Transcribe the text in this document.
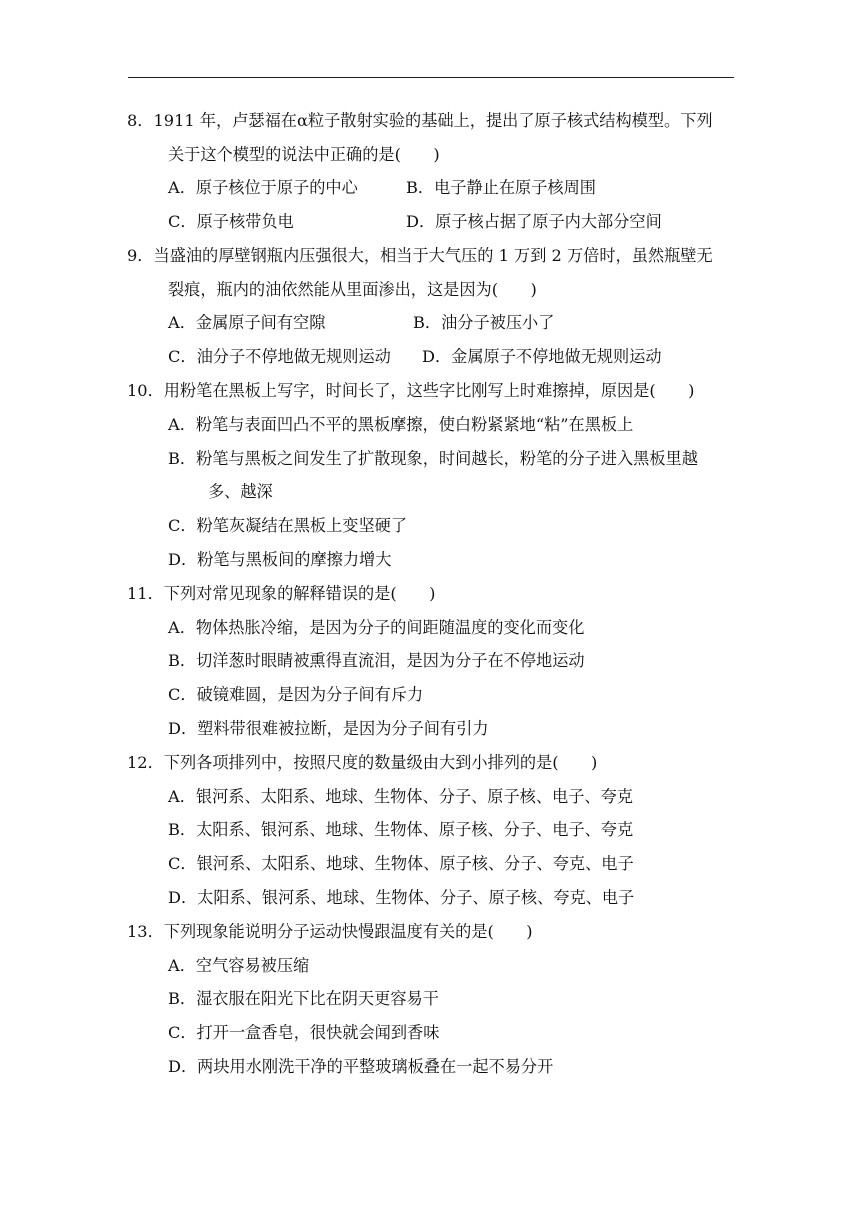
8．1911 年，卢瑟福在α粒子散射实验的基础上，提出了原子核式结构模型。下列
关于这个模型的说法中正确的是(　　)
A．原子核位于原子的中心	B．电子静止在原子核周围
C．原子核带负电	D．原子核占据了原子内大部分空间
9．当盛油的厚壁钢瓶内压强很大，相当于大气压的 1 万到 2 万倍时，虽然瓶壁无
裂痕，瓶内的油依然能从里面渗出，这是因为(　　)
A．金属原子间有空隙	B．油分子被压小了
C．油分子不停地做无规则运动 D．金属原子不停地做无规则运动
10．用粉笔在黑板上写字，时间长了，这些字比刚写上时难擦掉，原因是(　　)
A．粉笔与表面凹凸不平的黑板摩擦，使白粉紧紧地“粘”在黑板上
B．粉笔与黑板之间发生了扩散现象，时间越长，粉笔的分子进入黑板里越
多、越深
C．粉笔灰凝结在黑板上变坚硬了
D．粉笔与黑板间的摩擦力增大
11．下列对常见现象的解释错误的是(　　)
A．物体热胀冷缩，是因为分子的间距随温度的变化而变化
B．切洋葱时眼睛被熏得直流泪，是因为分子在不停地运动
C．破镜难圆，是因为分子间有斥力
D．塑料带很难被拉断，是因为分子间有引力
12．下列各项排列中，按照尺度的数量级由大到小排列的是(　　)
A．银河系、太阳系、地球、生物体、分子、原子核、电子、夸克
B．太阳系、银河系、地球、生物体、原子核、分子、电子、夸克
C．银河系、太阳系、地球、生物体、原子核、分子、夸克、电子
D．太阳系、银河系、地球、生物体、分子、原子核、夸克、电子
13．下列现象能说明分子运动快慢跟温度有关的是(　　)
A．空气容易被压缩
B．湿衣服在阳光下比在阴天更容易干
C．打开一盒香皂，很快就会闻到香味
D．两块用水刚洗干净的平整玻璃板叠在一起不易分开
